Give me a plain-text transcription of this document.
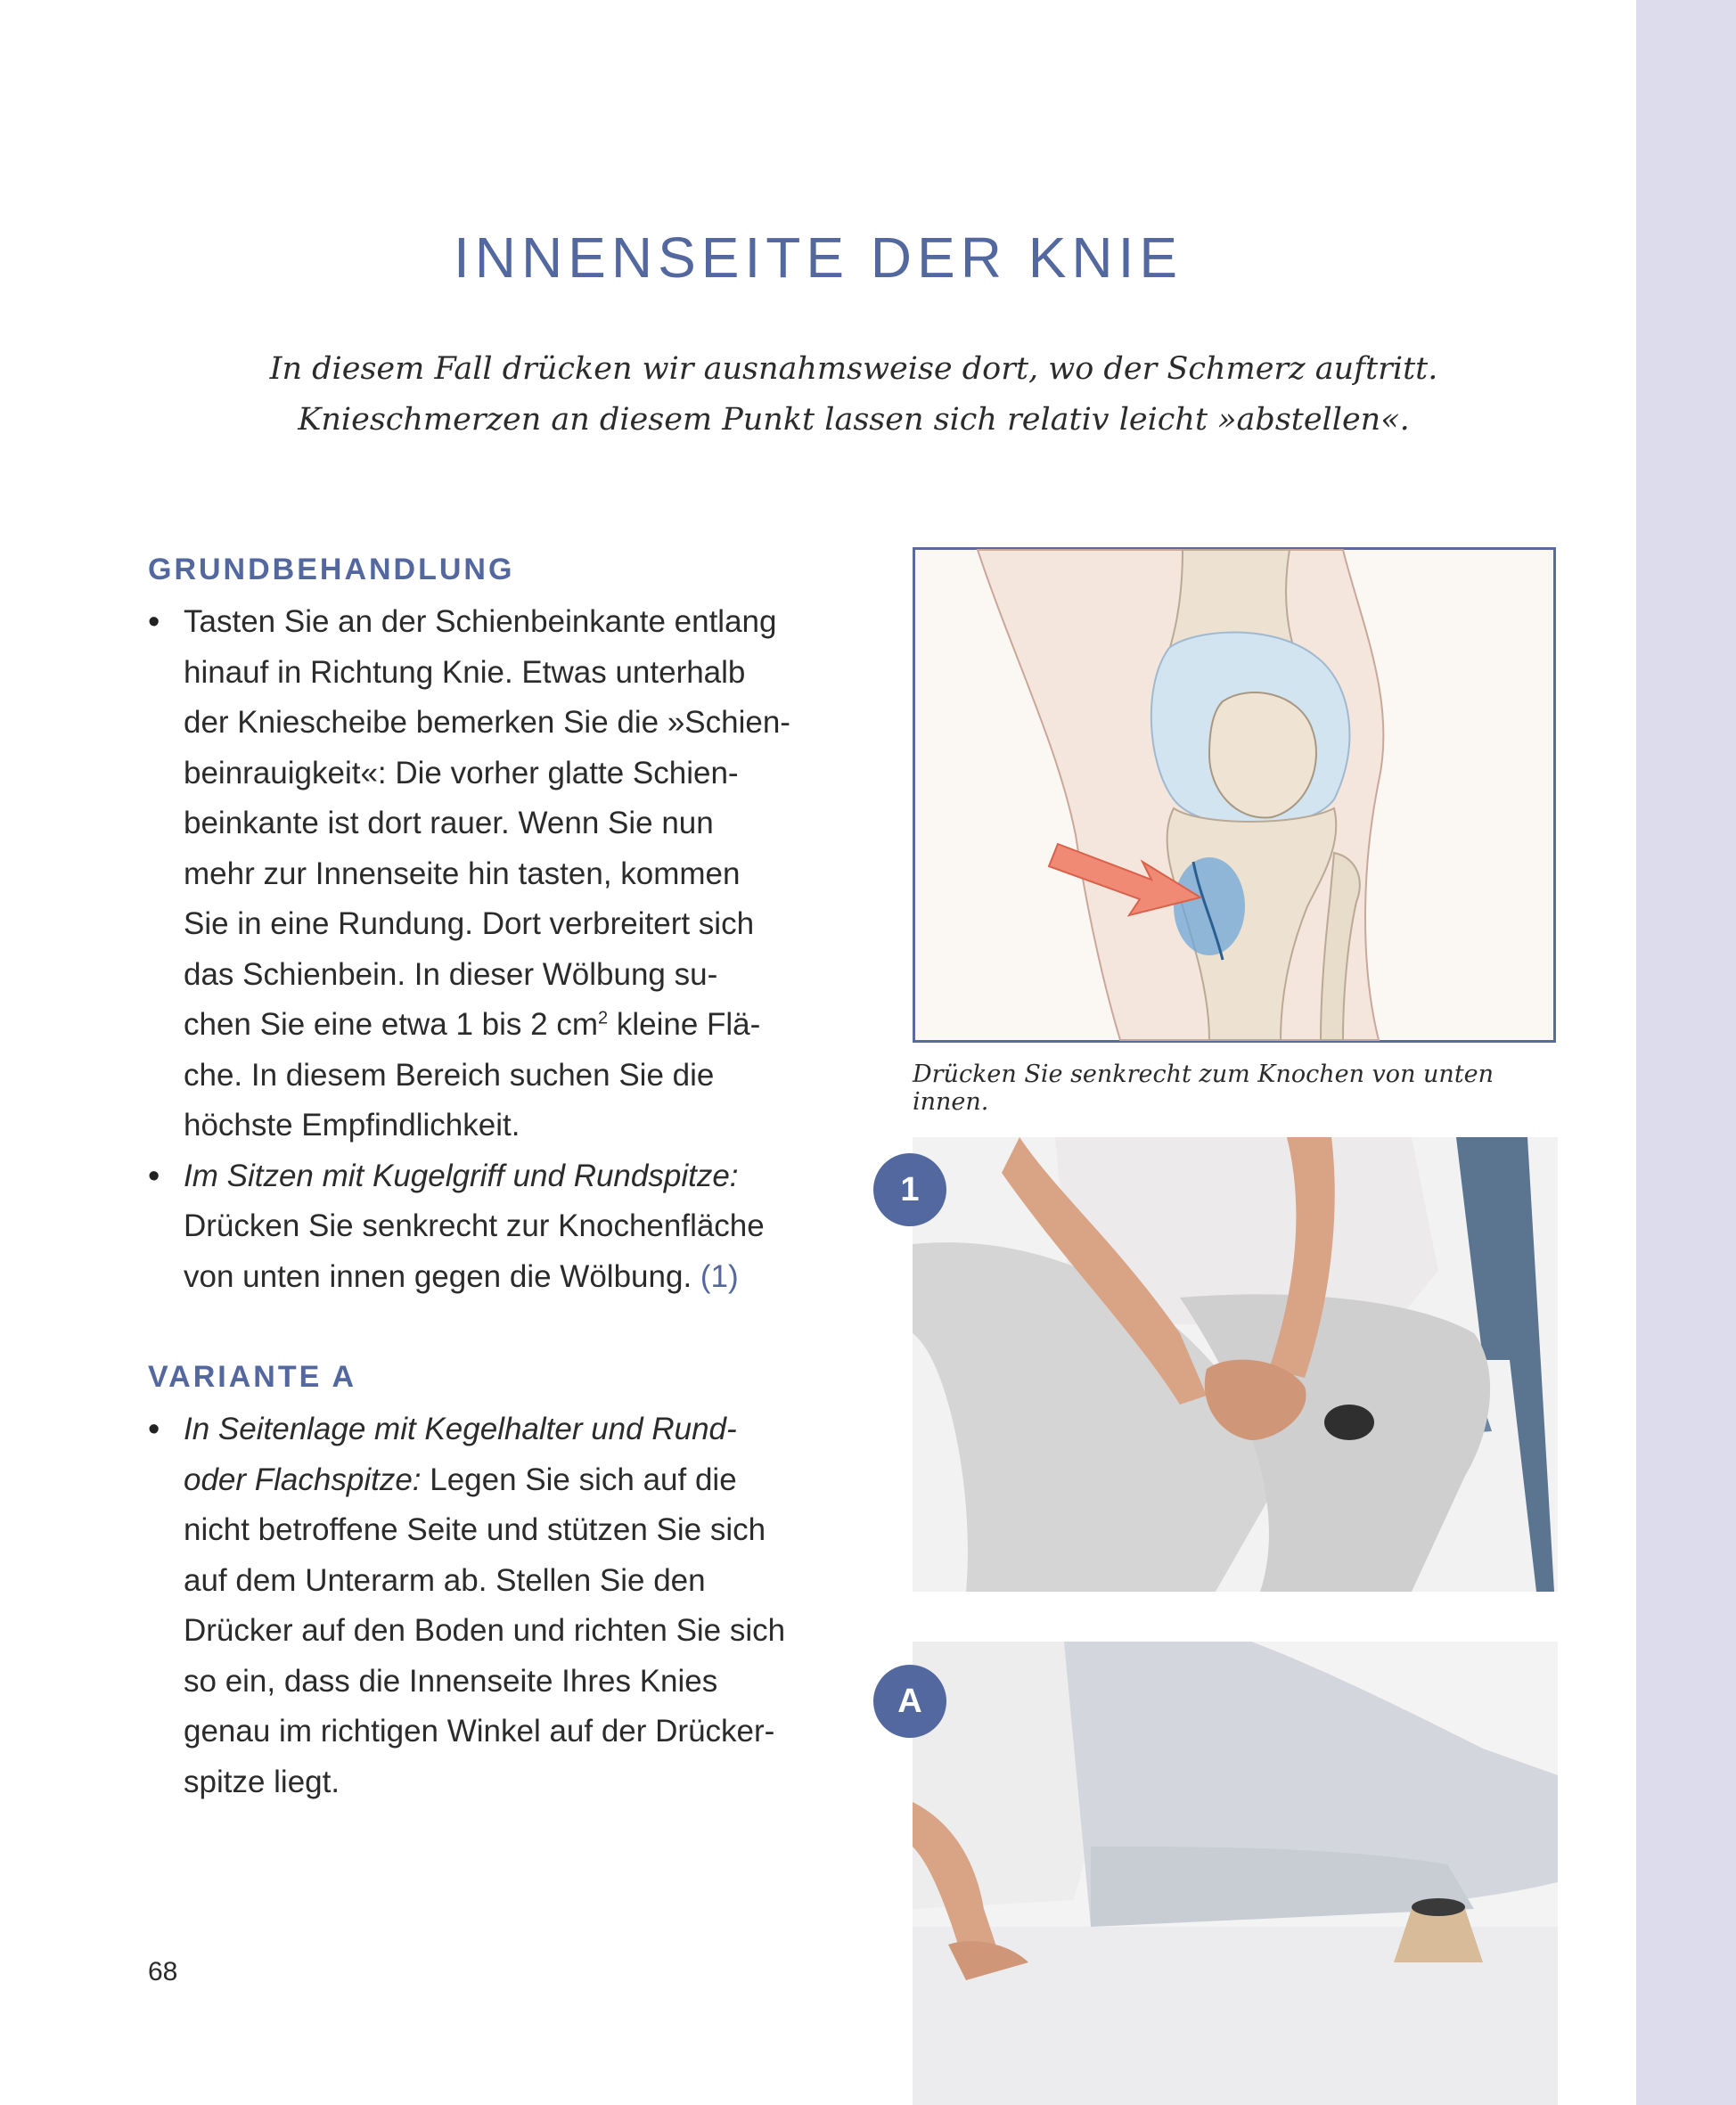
INNENSEITE DER KNIE

In diesem Fall drücken wir ausnahmsweise dort, wo der Schmerz auftritt.

Knieschmerzen an diesem Punkt lassen sich relativ leicht »abstellen«.

GRUNDBEHANDLUNG
• Tasten Sie an der Schienbeinkante entlang
hinauf in Richtung Knie. Etwas unterhalb
der Kniescheibe bemerken Sie die »Schien-
beinrauigkeit«: Die vorher glatte Schien-
beinkante ist dort rauer. Wenn Sie nun
mehr zur Innenseite hin tasten, kommen
Sie in eine Rundung. Dort verbreitert sich
das Schienbein. In dieser Wölbung su-
chen Sie eine etwa 1 bis 2 $cm^2$ kleine Flä-
che. In diesem Bereich suchen Sie die
höchste Empfindlichkeit.
• Im Sitzen mit Kugelgriff und Rundspitze:
Drücken Sie senkrecht zur Knochenfläche
von unten innen gegen die Wölbung. (1)
VARIANTE A
• In Seitenlage mit Kegelhalter und Rund-
oder Flachspitze: Legen Sie sich auf die
nicht betroffene Seite und stützen Sie sich
auf dem Unterarm ab. Stellen Sie den
Drücker auf den Boden und richten Sie sich
so ein, dass die Innenseite Ihres Knies
genau im richtigen Winkel auf der Drücker-
spitze liegt.
Drücken Sie senkrecht zum Knochen von unten innen.
1
A
68
